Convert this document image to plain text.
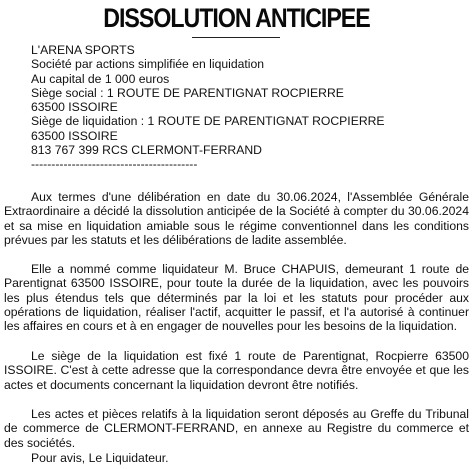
DISSOLUTION ANTICIPEE
L'ARENA SPORTS
Société par actions simplifiée en liquidation
Au capital de 1 000 euros
Siège social : 1 ROUTE DE PARENTIGNAT ROCPIERRE
63500 ISSOIRE
Siège de liquidation : 1 ROUTE DE PARENTIGNAT ROCPIERRE
63500 ISSOIRE
813 767 399 RCS CLERMONT-FERRAND
-----------------------------------------

Aux termes d'une délibération en date du 30.06.2024, l'Assemblée Générale Extraordinaire a décidé la dissolution anticipée de la Société à compter du 30.06.2024 et sa mise en liquidation amiable sous le régime conventionnel dans les conditions prévues par les statuts et les délibérations de ladite assemblée.

Elle a nommé comme liquidateur M. Bruce CHAPUIS, demeurant 1 route de Parentignat 63500 ISSOIRE, pour toute la durée de la liquidation, avec les pouvoirs les plus étendus tels que déterminés par la loi et les statuts pour procéder aux opérations de liquidation, réaliser l'actif, acquitter le passif, et l'a autorisé à continuer les affaires en cours et à en engager de nouvelles pour les besoins de la liquidation.

Le siège de la liquidation est fixé 1 route de Parentignat, Rocpierre 63500 ISSOIRE. C'est à cette adresse que la correspondance devra être envoyée et que les actes et documents concernant la liquidation devront être notifiés.

Les actes et pièces relatifs à la liquidation seront déposés au Greffe du Tribunal de commerce de CLERMONT-FERRAND, en annexe au Registre du commerce et des sociétés.

Pour avis, Le Liquidateur.
